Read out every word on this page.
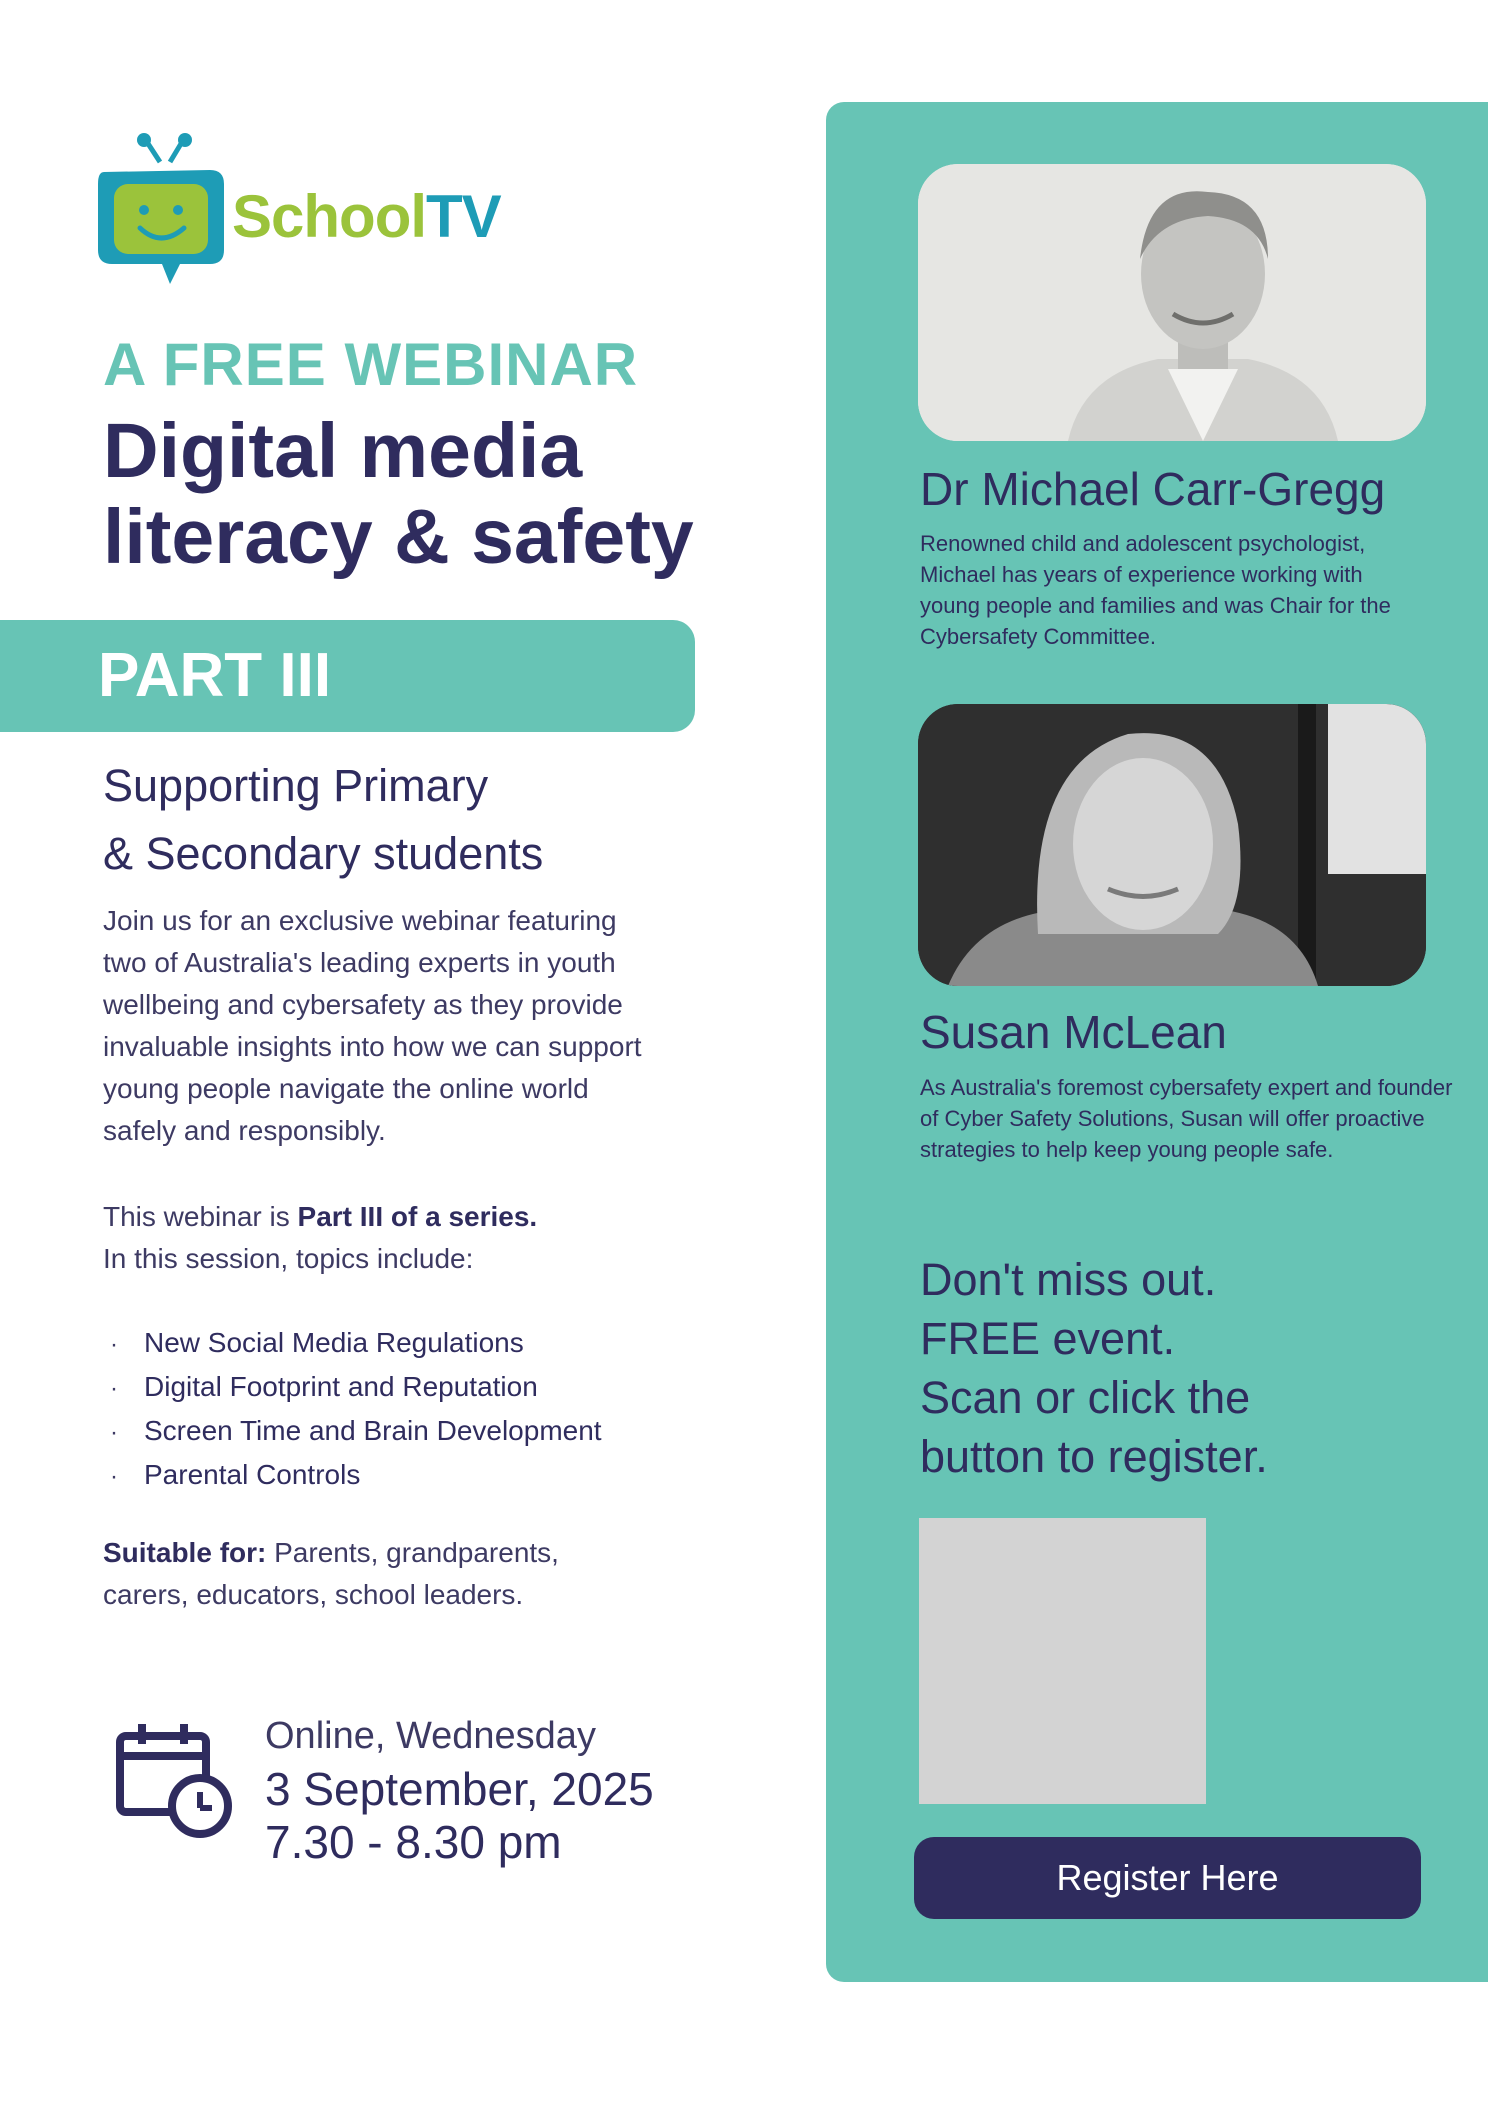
SchoolTV
A FREE WEBINAR
Digital media
literacy & safety
PART III
Supporting Primary
& Secondary students
Join us for an exclusive webinar featuring two of Australia's leading experts in youth wellbeing and cybersafety as they provide invaluable insights into how we can support young people navigate the online world safely and responsibly.
This webinar is Part III of a series.
In this session, topics include:
· New Social Media Regulations
· Digital Footprint and Reputation
· Screen Time and Brain Development
· Parental Controls
Suitable for: Parents, grandparents, carers, educators, school leaders.
Online, Wednesday
3 September, 2025
7.30 - 8.30 pm
Dr Michael Carr-Gregg
Renowned child and adolescent psychologist, Michael has years of experience working with young people and families and was Chair for the Cybersafety Committee.
Susan McLean
As Australia's foremost cybersafety expert and founder of Cyber Safety Solutions, Susan will offer proactive strategies to help keep young people safe.
Don't miss out.
FREE event.
Scan or click the
button to register.
Register Here
